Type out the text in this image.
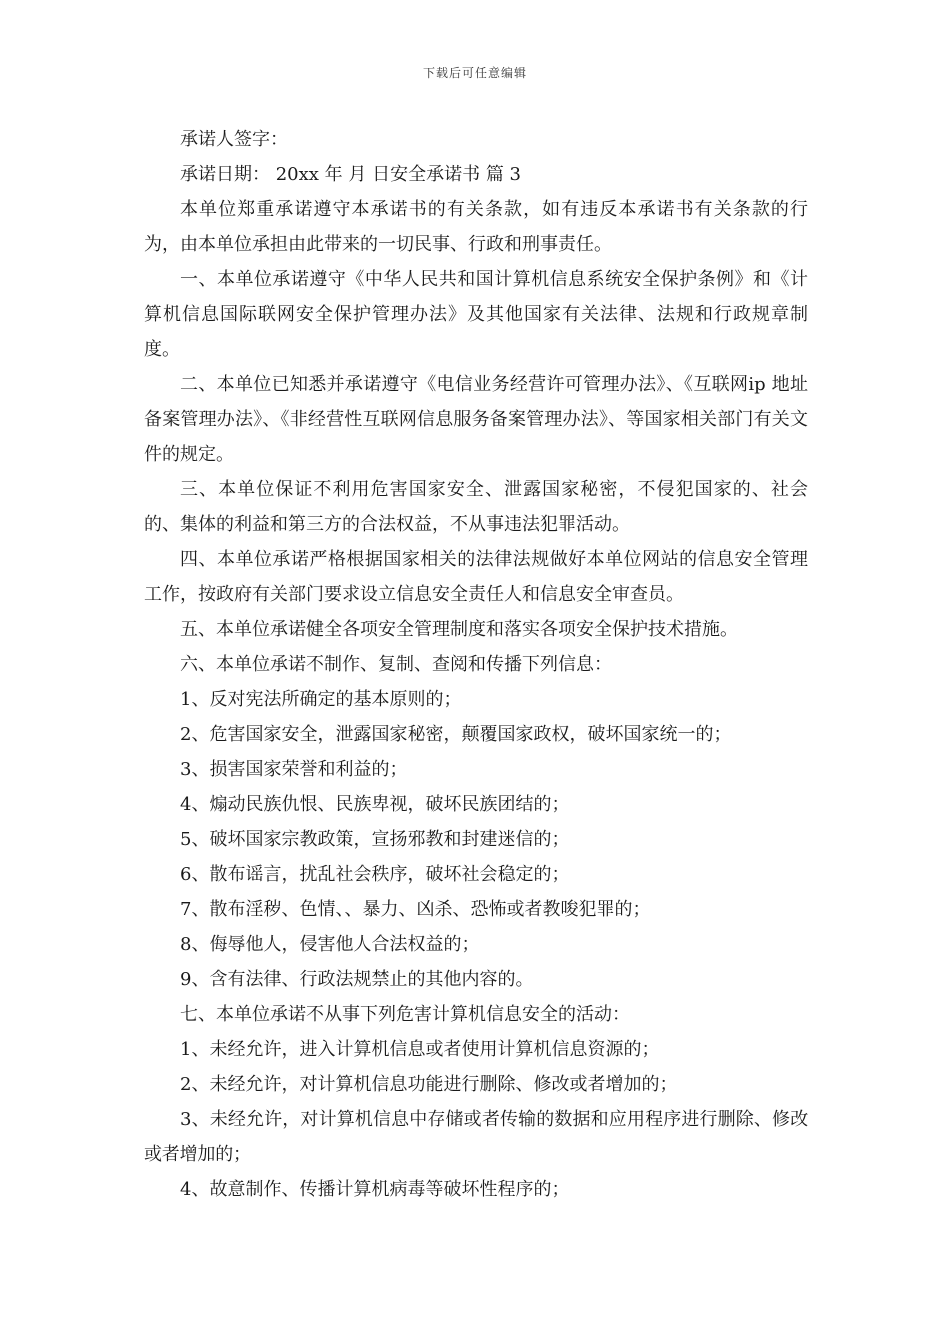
下载后可任意编辑

承诺人签字：

承诺日期： 20xx 年 月 日安全承诺书 篇 3

本单位郑重承诺遵守本承诺书的有关条款，如有违反本承诺书有关条款的行为，由本单位承担由此带来的一切民事、行政和刑事责任。

一、本单位承诺遵守《中华人民共和国计算机信息系统安全保护条例》和《计算机信息国际联网安全保护管理办法》及其他国家有关法律、法规和行政规章制度。

二、本单位已知悉并承诺遵守《电信业务经营许可管理办法》、《互联网ip 地址备案管理办法》、《非经营性互联网信息服务备案管理办法》、等国家相关部门有关文件的规定。

三、本单位保证不利用危害国家安全、泄露国家秘密，不侵犯国家的、社会的、集体的利益和第三方的合法权益，不从事违法犯罪活动。

四、本单位承诺严格根据国家相关的法律法规做好本单位网站的信息安全管理工作，按政府有关部门要求设立信息安全责任人和信息安全审查员。

五、本单位承诺健全各项安全管理制度和落实各项安全保护技术措施。

六、本单位承诺不制作、复制、查阅和传播下列信息：

1、反对宪法所确定的基本原则的；

2、危害国家安全，泄露国家秘密，颠覆国家政权，破坏国家统一的；

3、损害国家荣誉和利益的；

4、煽动民族仇恨、民族卑视，破坏民族团结的；

5、破坏国家宗教政策，宣扬邪教和封建迷信的；

6、散布谣言，扰乱社会秩序，破坏社会稳定的；

7、散布淫秽、色情、、暴力、凶杀、恐怖或者教唆犯罪的；

8、侮辱他人，侵害他人合法权益的；

9、含有法律、行政法规禁止的其他内容的。

七、本单位承诺不从事下列危害计算机信息安全的活动：

1、未经允许，进入计算机信息或者使用计算机信息资源的；

2、未经允许，对计算机信息功能进行删除、修改或者增加的；

3、未经允许，对计算机信息中存储或者传输的数据和应用程序进行删除、修改或者增加的；

4、故意制作、传播计算机病毒等破坏性程序的；
